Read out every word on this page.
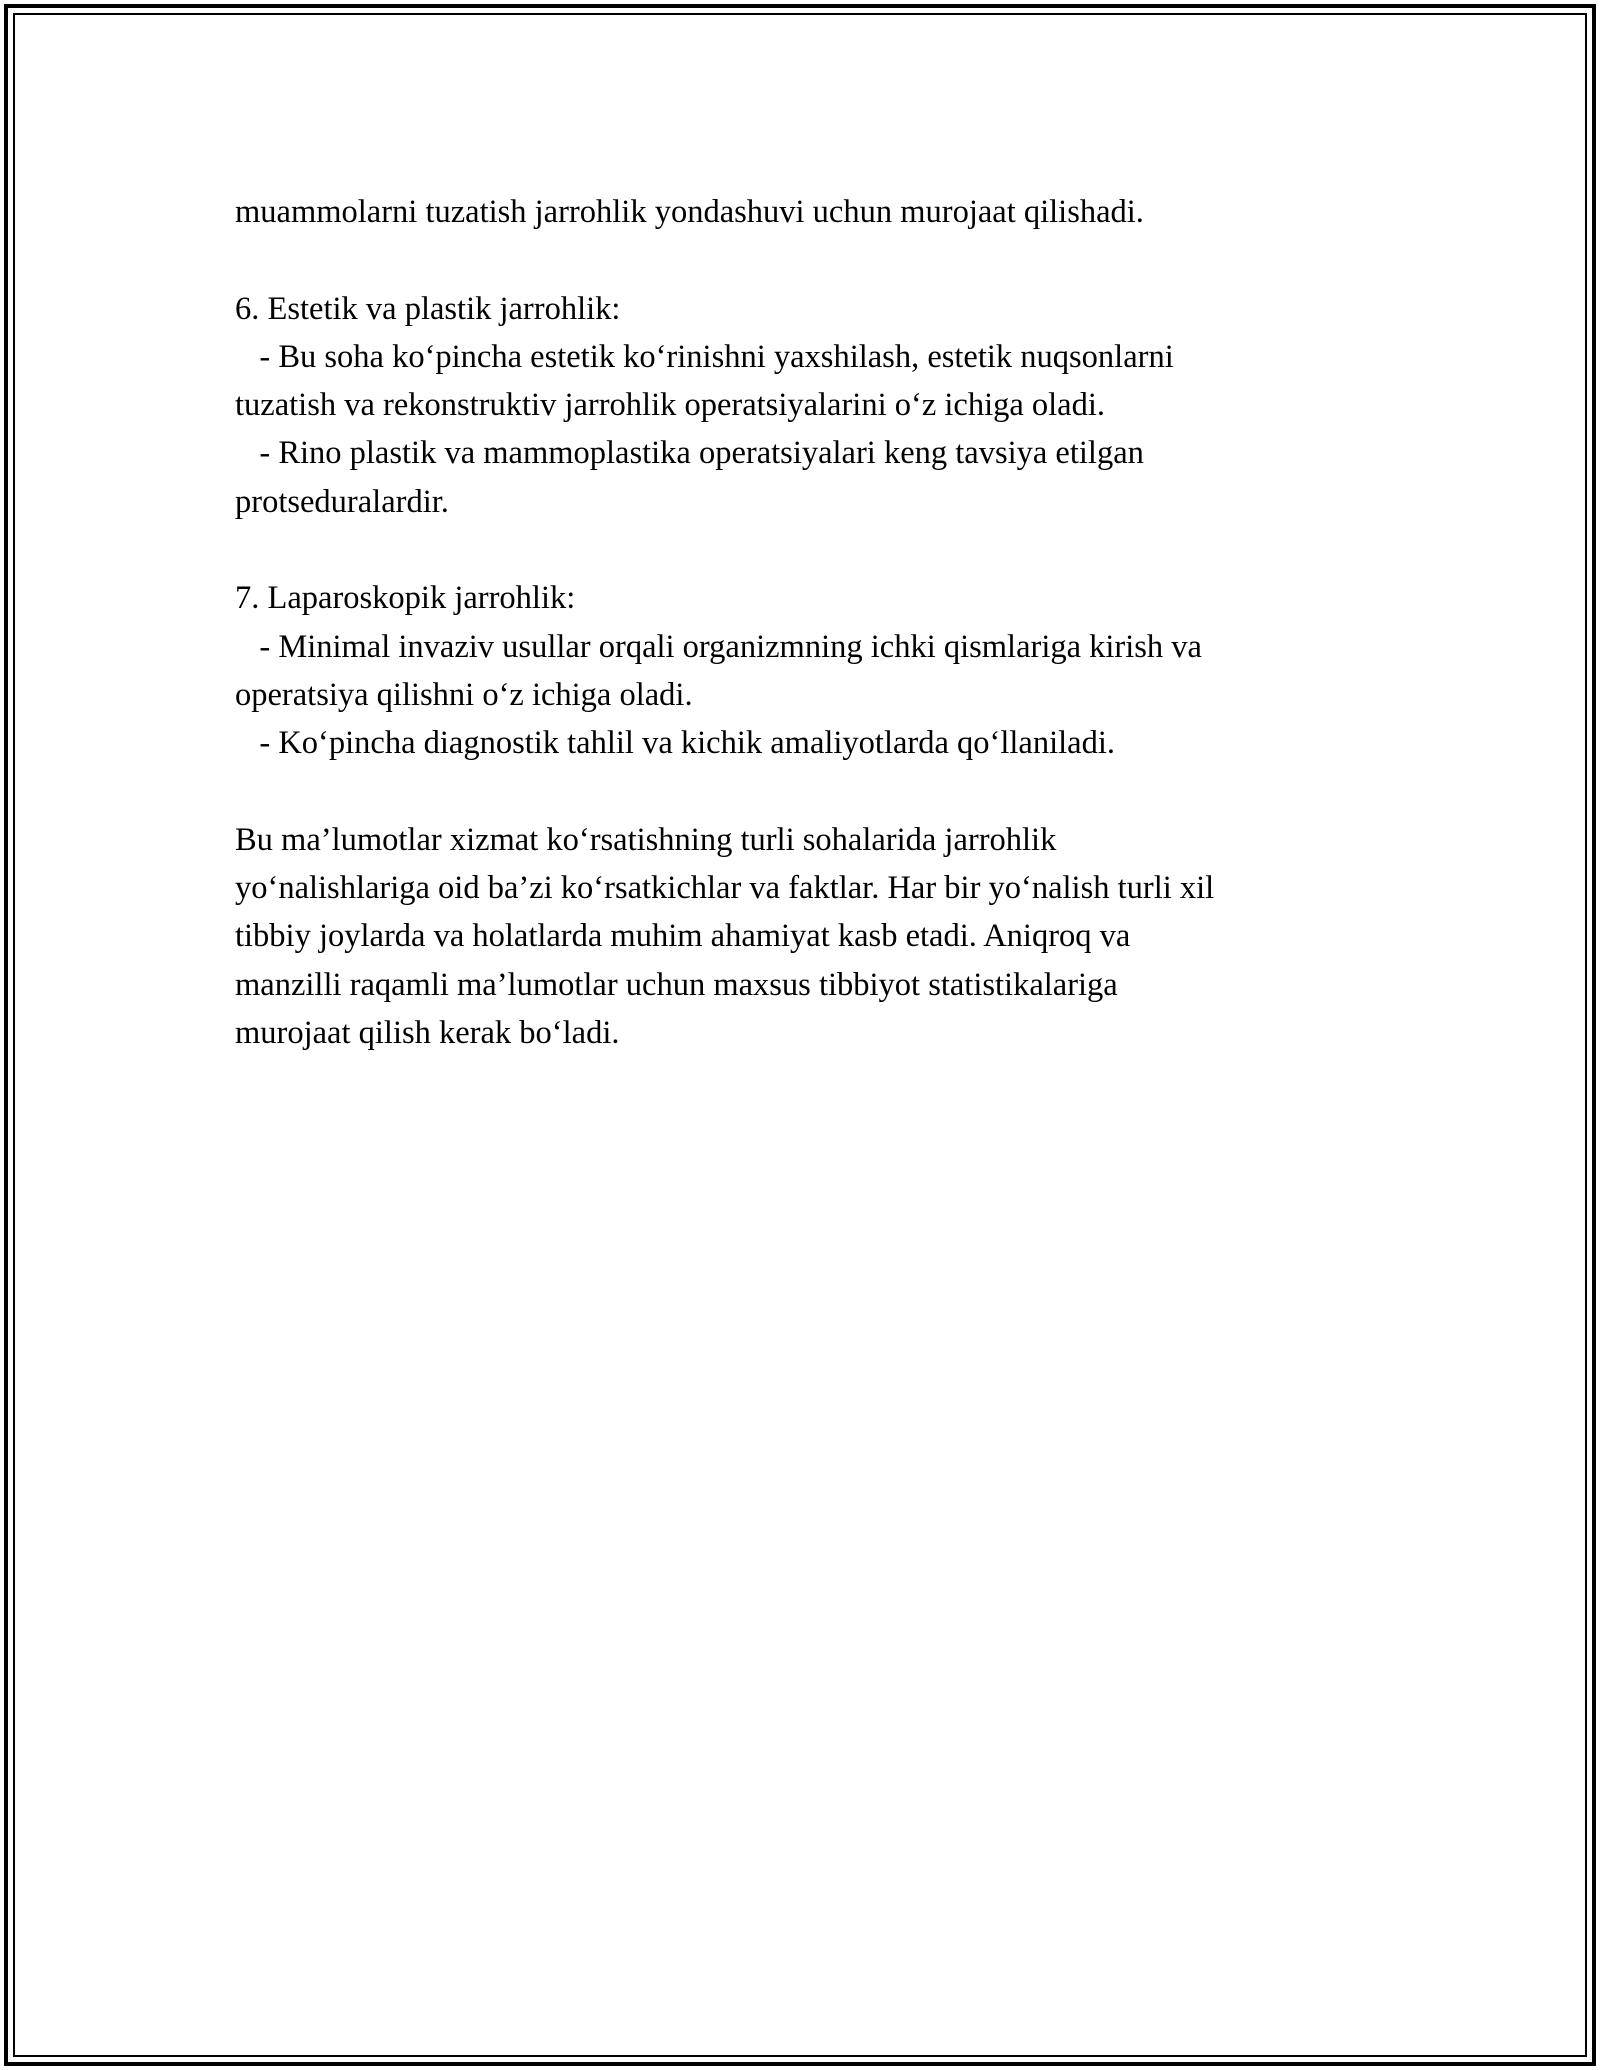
muammolarni tuzatish jarrohlik yondashuvi uchun murojaat qilishadi.
6. Estetik va plastik jarrohlik:
- Bu soha ko‘pincha estetik ko‘rinishni yaxshilash, estetik nuqsonlarni
tuzatish va rekonstruktiv jarrohlik operatsiyalarini o‘z ichiga oladi.
- Rino plastik va mammoplastika operatsiyalari keng tavsiya etilgan
protseduralardir.
7. Laparoskopik jarrohlik:
- Minimal invaziv usullar orqali organizmning ichki qismlariga kirish va
operatsiya qilishni o‘z ichiga oladi.
- Ko‘pincha diagnostik tahlil va kichik amaliyotlarda qo‘llaniladi.
Bu ma’lumotlar xizmat ko‘rsatishning turli sohalarida jarrohlik
yo‘nalishlariga oid ba’zi ko‘rsatkichlar va faktlar. Har bir yo‘nalish turli xil
tibbiy joylarda va holatlarda muhim ahamiyat kasb etadi. Aniqroq va
manzilli raqamli ma’lumotlar uchun maxsus tibbiyot statistikalariga
murojaat qilish kerak bo‘ladi.
